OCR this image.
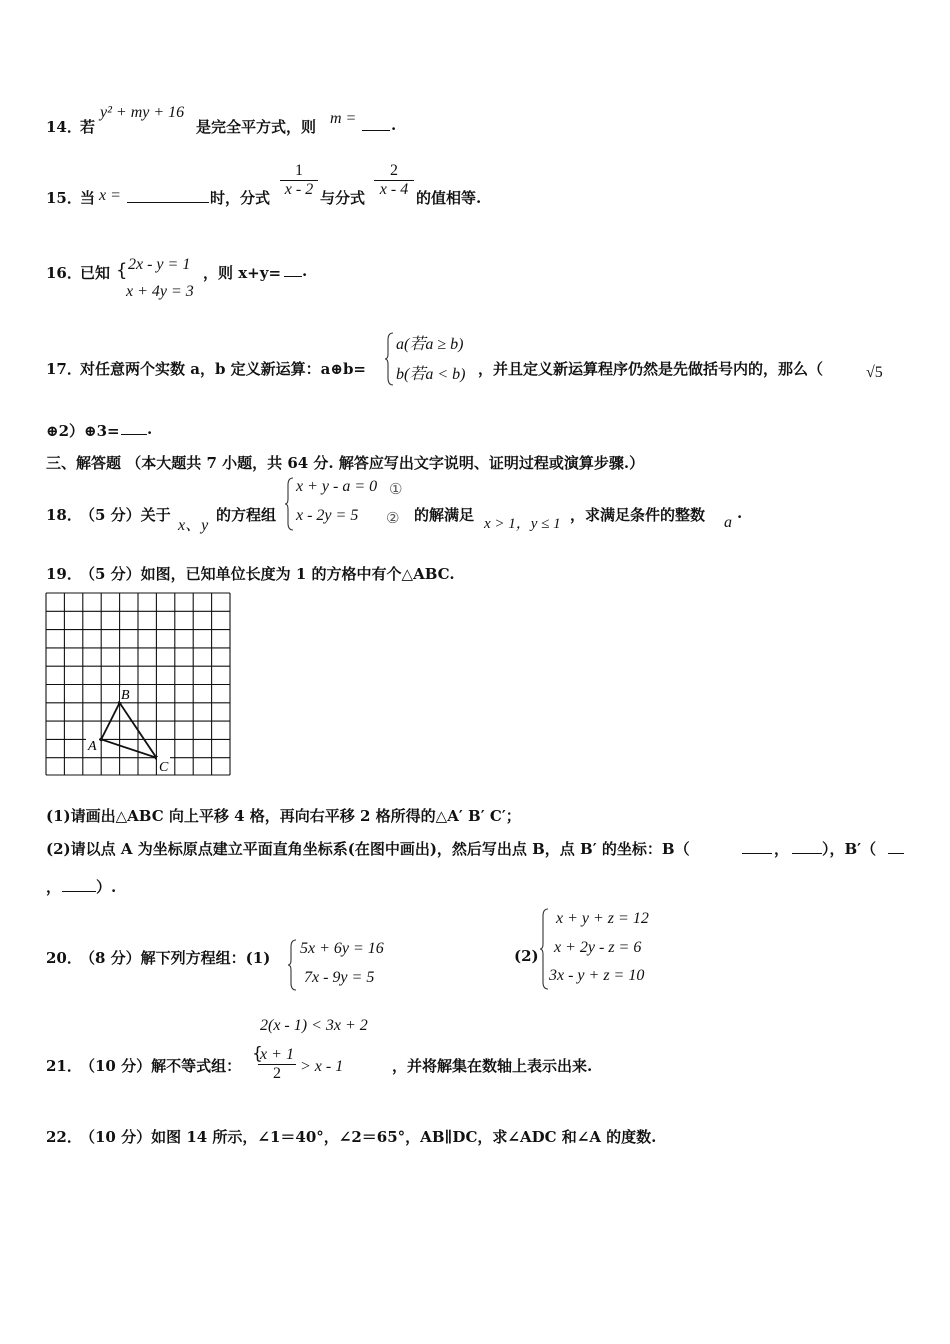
14．
若
y² + my + 16
是完全平方式，则 m = .
15．
当 x =	时，分式 $\frac{1}{x - 2}$ 与分式 $\frac{2}{x - 4}$ 的值相等.
16．
已知 { 2x - y = 1
x + 4y = 3
，则 x+y= .
17．
对任意两个实数 a，b 定义新运算：a⊕b=
a(若a ≥ b)
b(若a < b) ，并且定义新运算程序仍然是先做括号内的，那么（	√5
⊕2）⊕3= .
三、解答题 （本大题共 7 小题，共 64 分. 解答应写出文字说明、证明过程或演算步骤.）
18．
（5 分）关于
x、y
的方程组
x + y - a = 0 ①
x - 2y = 5 ② 的解满足 x > 1，y ≤ 1 ，求满足条件的整数 a
.
19．
（5 分）如图，已知单位长度为 1 的方格中有个△ABC.
A
B
C
(1)请画出△ABC 向上平移 4 格，再向右平移 2 格所得的△A′ B′ C′；
(2)请以点 A 为坐标原点建立平面直角坐标系(在图中画出)，然后写出点 B，点 B′ 的坐标：B（	， ），B′（
， ）.
20．
（8 分）解下列方程组：(1)
5x + 6y = 16
7x - 9y = 5
(2)
x + y + z = 12
x + 2y - z = 6
3x - y + z = 10
21．
（10 分）解不等式组：
2(x - 1) < 3x + 2
{
$\frac{x + 1}{2} > x - 1$	，并将解集在数轴上表示出来.
22．
（10 分）如图 14 所示，∠1＝40°，∠2＝65°，AB∥DC，求∠ADC 和∠A 的度数.
